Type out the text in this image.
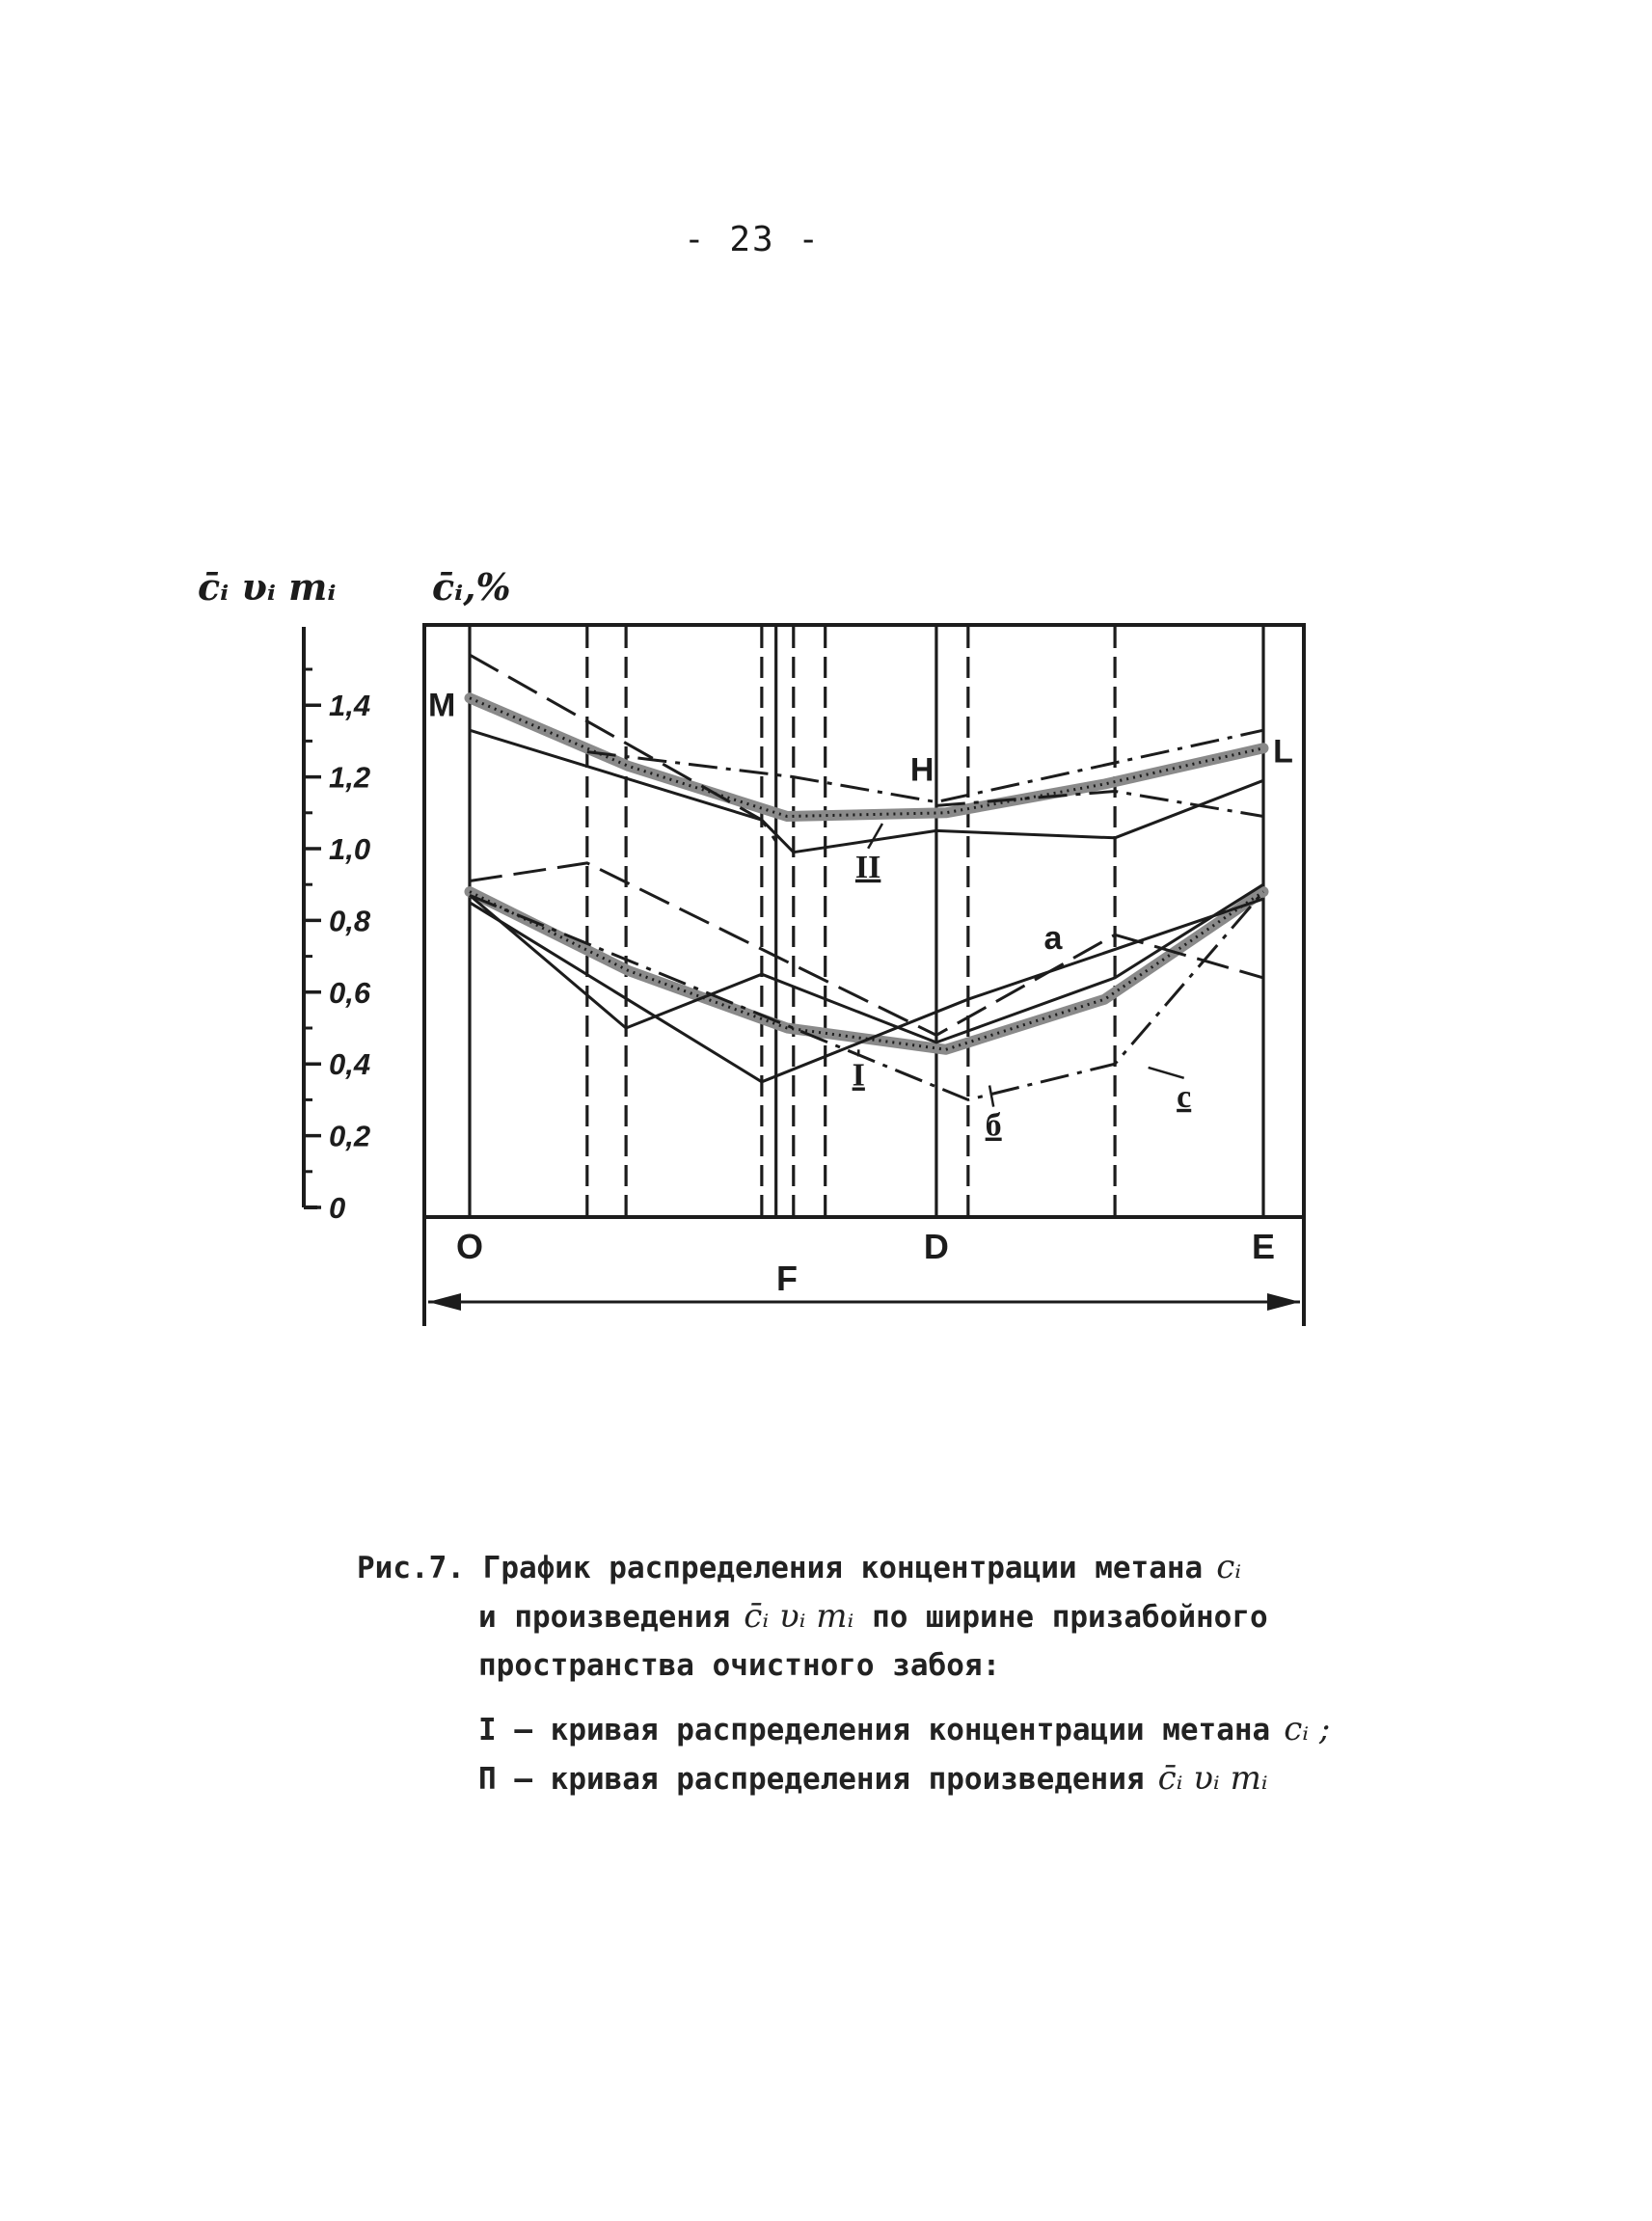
- 23 -
0
0,2
0,4
0,6
0,8
1,0
1,2
1,4
c̄ᵢ υᵢ mᵢ	c̄ᵢ,%
O	D	E
F
M
H	L
a
II
I
б
c
Рис.7. График распределения концентрации метана cᵢ
и произведения c̄ᵢ υᵢ mᵢ по ширине призабойного
пространства очистного забоя:
I – кривая распределения концентрации метана cᵢ ;
П – кривая распределения произведения c̄ᵢ υᵢ mᵢ
